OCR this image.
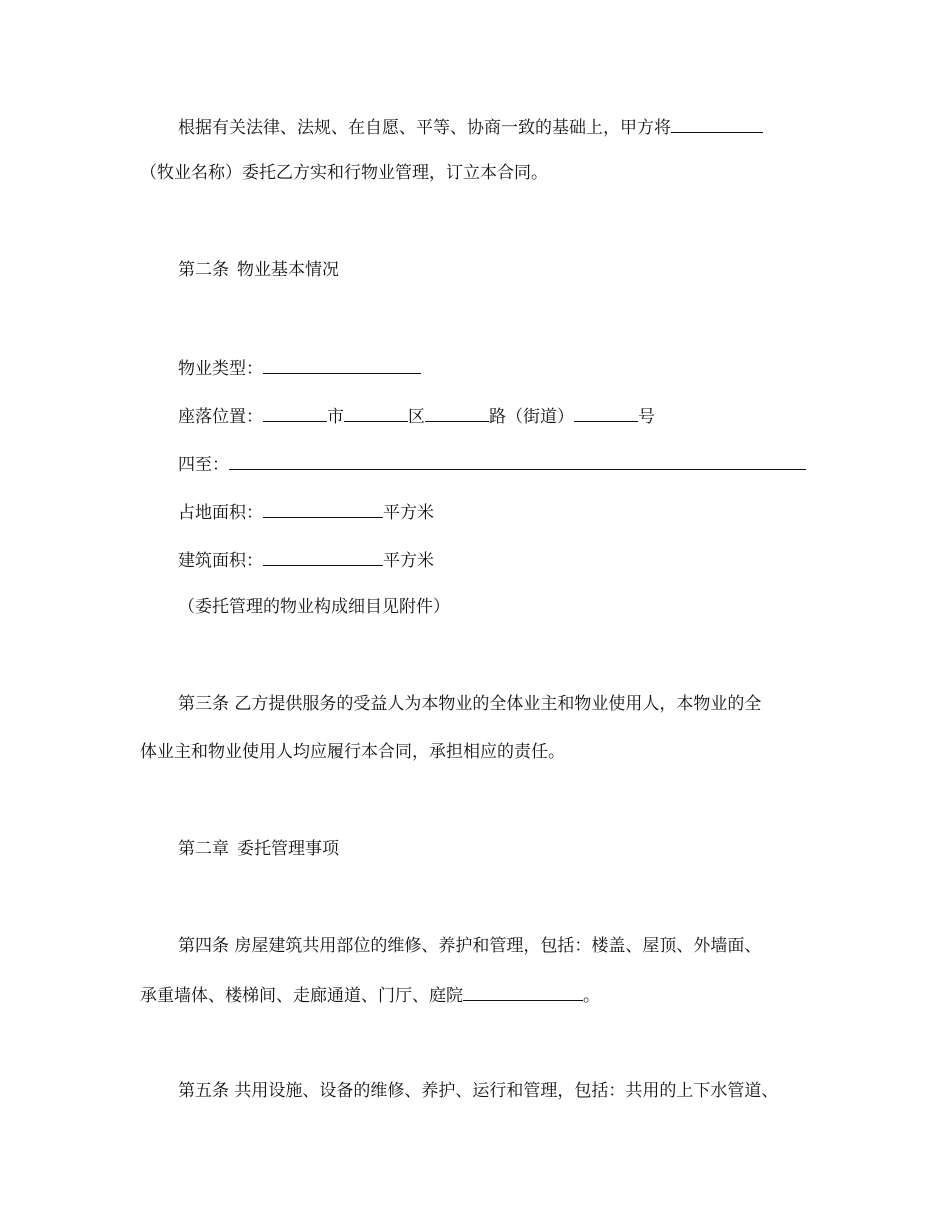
根据有关法律、法规、在自愿、平等、协商一致的基础上，甲方将
（牧业名称）委托乙方实和行物业管理，订立本合同。
第二条 物业基本情况
物业类型：
座落位置：	市	区	路（街道）	号
四至：
占地面积：	平方米
建筑面积：	平方米
（委托管理的物业构成细目见附件）
第三条 乙方提供服务的受益人为本物业的全体业主和物业使用人，本物业的全
体业主和物业使用人均应履行本合同，承担相应的责任。
第二章 委托管理事项
第四条 房屋建筑共用部位的维修、养护和管理，包括：楼盖、屋顶、外墙面、
承重墙体、楼梯间、走廊通道、门厅、庭院	。
第五条 共用设施、设备的维修、养护、运行和管理，包括：共用的上下水管道、
